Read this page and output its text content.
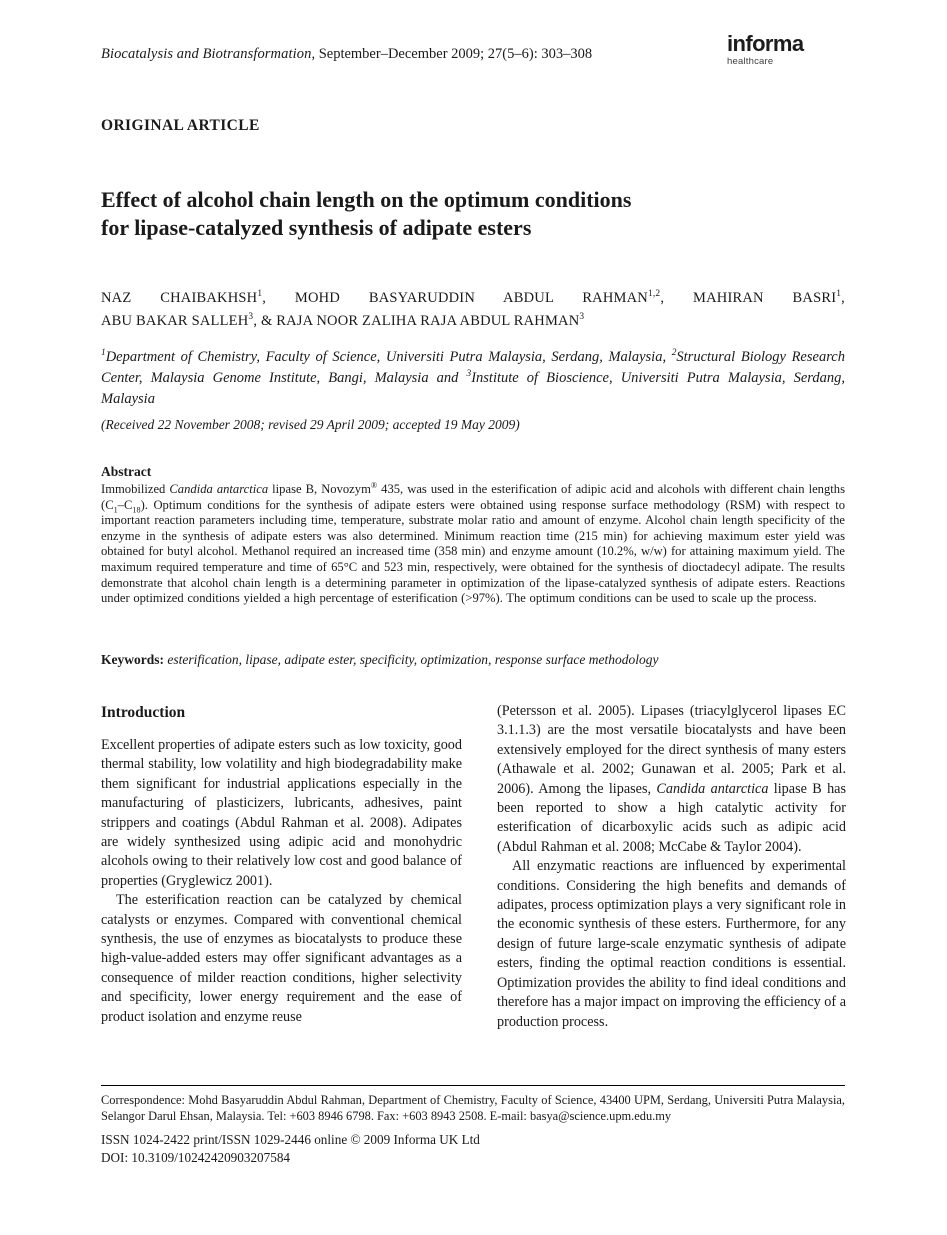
Biocatalysis and Biotransformation, September–December 2009; 27(5–6): 303–308	informa
healthcare
ORIGINAL ARTICLE
Effect of alcohol chain length on the optimum conditions
for lipase-catalyzed synthesis of adipate esters
NAZ CHAIBAKHSH$^1$, MOHD BASYARUDDIN ABDUL RAHMAN$^{1,2}$, MAHIRAN BASRI$^1$,
ABU BAKAR SALLEH$^3$, & RAJA NOOR ZALIHA RAJA ABDUL RAHMAN$^3$
$^1$Department of Chemistry, Faculty of Science, Universiti Putra Malaysia, Serdang, Malaysia, $^2$Structural Biology Research
Center, Malaysia Genome Institute, Bangi, Malaysia and $^3$Institute of Bioscience, Universiti Putra Malaysia, Serdang,
Malaysia
(Received 22 November 2008; revised 29 April 2009; accepted 19 May 2009)
Abstract

Immobilized Candida antarctica lipase B, Novozym® 435, was used in the esterification of adipic acid and alcohols with different chain lengths $(C_1-C_{18})$. Optimum conditions for the synthesis of adipate esters were obtained using response surface methodology (RSM) with respect to important reaction parameters including time, temperature, substrate molar ratio and amount of enzyme. Alcohol chain length specificity of the enzyme in the synthesis of adipate esters was also determined. Minimum reaction time (215 min) for achieving maximum ester yield was obtained for butyl alcohol. Methanol required an increased time (358 min) and enzyme amount (10.2%, w/w) for attaining maximum yield. The maximum required temperature and time of 65°C and 523 min, respectively, were obtained for the synthesis of dioctadecyl adipate. The results demonstrate that alcohol chain length is a determining parameter in optimization of the lipase-catalyzed synthesis of adipate esters. Reactions under optimized conditions yielded a high percentage of esterification (>97%). The optimum conditions can be used to scale up the process.

Keywords: esterification, lipase, adipate ester, specificity, optimization, response surface methodology
Introduction

Excellent properties of adipate esters such as low toxicity, good thermal stability, low volatility and high biodegradability make them significant for industrial applications especially in the manufacturing of plasticizers, lubricants, adhesives, paint strippers and coatings (Abdul Rahman et al. 2008). Adipates are widely synthesized using adipic acid and monohydric alcohols owing to their relatively low cost and good balance of properties (Gryglewicz 2001).

The esterification reaction can be catalyzed by chemical catalysts or enzymes. Compared with conventional chemical synthesis, the use of enzymes as biocatalysts to produce these high-value-added esters may offer significant advantages as a consequence of milder reaction conditions, higher selectivity and specificity, lower energy requirement and the ease of product isolation and enzyme reuse

(Petersson et al. 2005). Lipases (triacylglycerol lipases EC 3.1.1.3) are the most versatile biocatalysts and have been extensively employed for the direct synthesis of many esters (Athawale et al. 2002; Gunawan et al. 2005; Park et al. 2006). Among the lipases, Candida antarctica lipase B has been reported to show a high catalytic activity for esterification of dicarboxylic acids such as adipic acid (Abdul Rahman et al. 2008; McCabe & Taylor 2004).

All enzymatic reactions are influenced by experimental conditions. Considering the high benefits and demands of adipates, process optimization plays a very significant role in the economic synthesis of these esters. Furthermore, for any design of future large-scale enzymatic synthesis of adipate esters, finding the optimal reaction conditions is essential. Optimization provides the ability to find ideal conditions and therefore has a major impact on improving the efficiency of a production process.

Correspondence: Mohd Basyaruddin Abdul Rahman, Department of Chemistry, Faculty of Science, 43400 UPM, Serdang, Universiti Putra Malaysia, Selangor Darul Ehsan, Malaysia. Tel: +603 8946 6798. Fax: +603 8943 2508. E-mail: basya@science.upm.edu.my
ISSN 1024-2422 print/ISSN 1029-2446 online © 2009 Informa UK Ltd
DOI: 10.3109/10242420903207584
